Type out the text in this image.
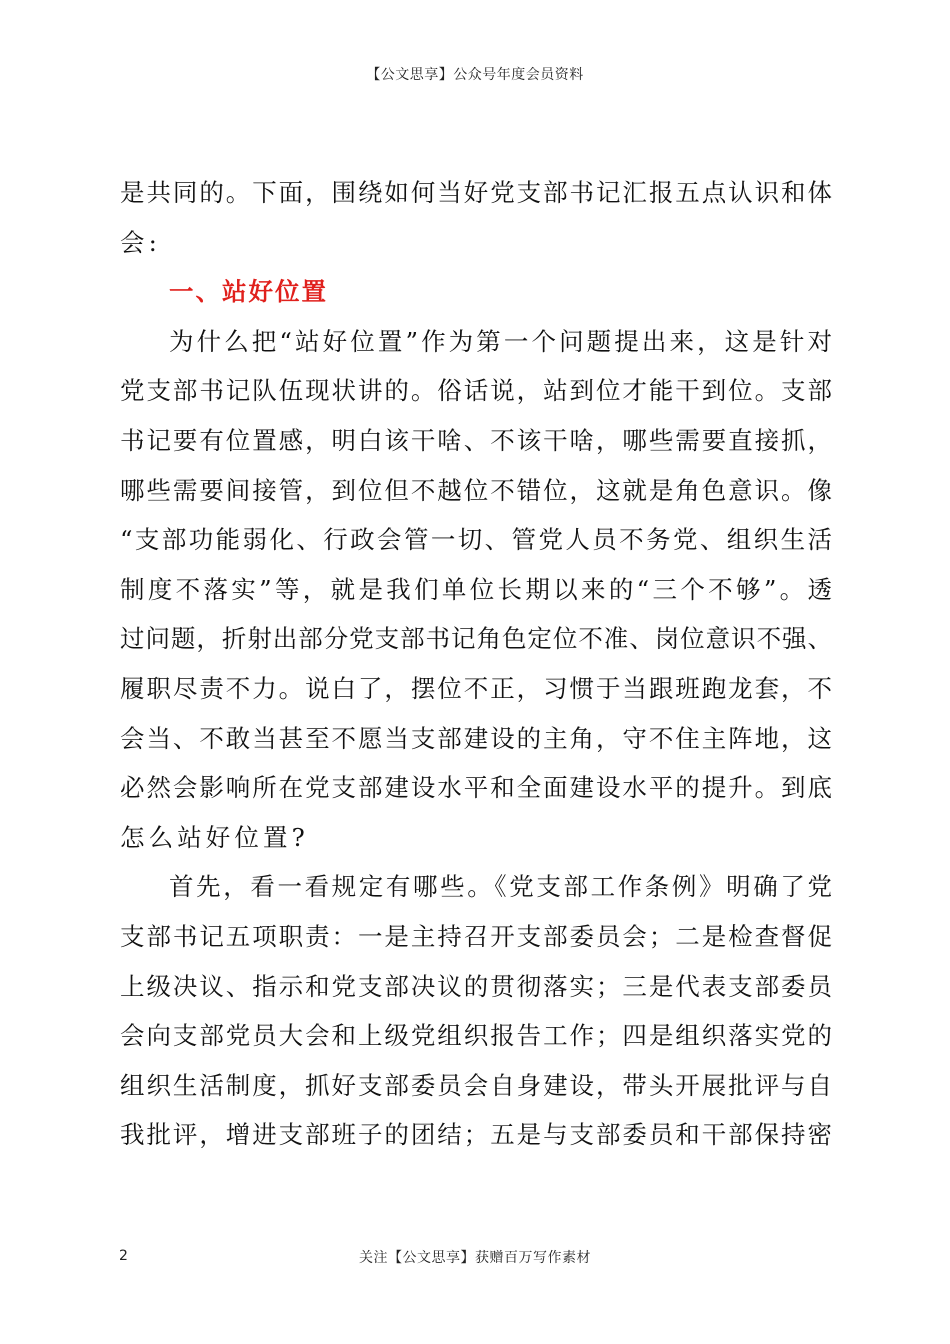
【公文思享】公众号年度会员资料
是共同的。下面，围绕如何当好党支部书记汇报五点认识和体
会:
一、站好位置
为什么把“站好位置”作为第一个问题提出来，这是针对
党支部书记队伍现状讲的。俗话说，站到位才能干到位。支部
书记要有位置感，明白该干啥、不该干啥，哪些需要直接抓，
哪些需要间接管，到位但不越位不错位，这就是角色意识。像
“支部功能弱化、行政会管一切、管党人员不务党、组织生活
制度不落实”等，就是我们单位长期以来的“三个不够”。透
过问题，折射出部分党支部书记角色定位不准、岗位意识不强、
履职尽责不力。说白了，摆位不正，习惯于当跟班跑龙套，不
会当、不敢当甚至不愿当支部建设的主角，守不住主阵地，这
必然会影响所在党支部建设水平和全面建设水平的提升。到底
怎么站好位置?
首先，看一看规定有哪些。《党支部工作条例》明确了党
支部书记五项职责：一是主持召开支部委员会；二是检查督促
上级决议、指示和党支部决议的贯彻落实；三是代表支部委员
会向支部党员大会和上级党组织报告工作；四是组织落实党的
组织生活制度，抓好支部委员会自身建设，带头开展批评与自
我批评，增进支部班子的团结；五是与支部委员和干部保持密
2	关注【公文思享】获赠百万写作素材
